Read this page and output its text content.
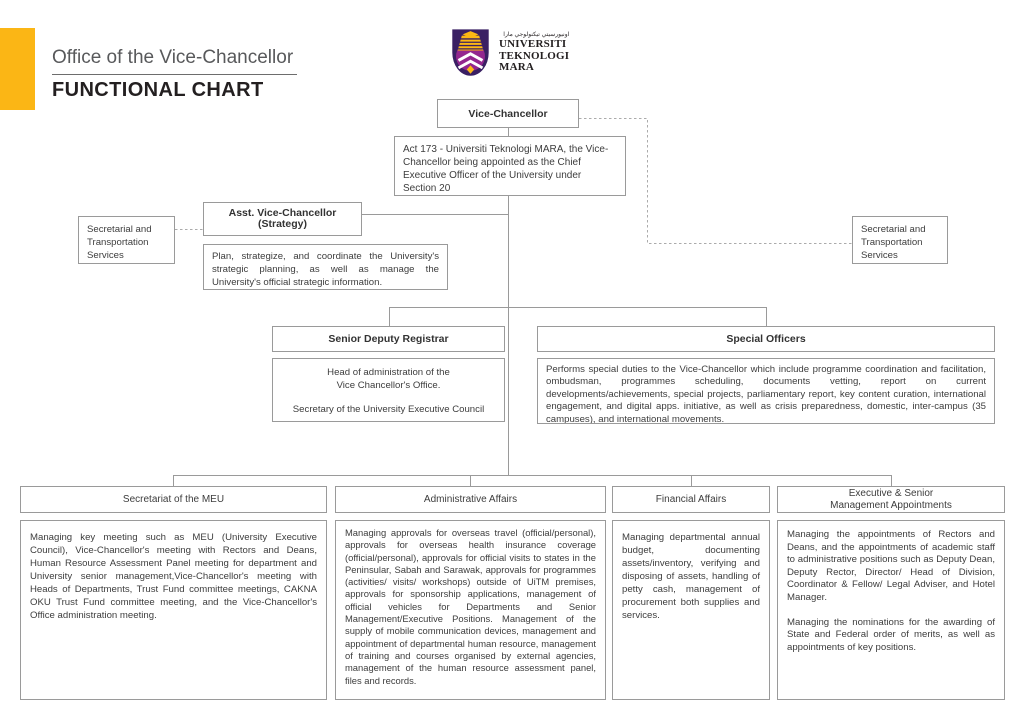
Office of the Vice-Chancellor
FUNCTIONAL CHART
اونيورسيتي تيكنولوجي مارا
UNIVERSITI
TEKNOLOGI
MARA
Vice-Chancellor
Act 173 - Universiti Teknologi MARA, the Vice-Chancellor being appointed as the Chief Executive Officer of the University under Section 20
Asst. Vice-Chancellor
(Strategy)
Plan, strategize, and coordinate the University's strategic planning, as well as manage the University's official strategic information.
Secretarial and Transportation Services
Secretarial and Transportation Services
Senior Deputy Registrar
Head of administration of the
Vice Chancellor's Office.
Secretary of the University Executive Council
Special Officers
Performs special duties to the Vice-Chancellor which include programme coordination and facilitation, ombudsman, programmes scheduling, documents vetting, report on current developments/achievements, special projects, parliamentary report, key content curation, international engagement, and digital apps. initiative, as well as crisis preparedness, domestic, inter-campus (35 campuses), and international movements.
Secretariat of the MEU	Administrative Affairs	Financial Affairs
Executive & Senior
Management Appointments
Managing key meeting such as MEU (University Executive Council), Vice-Chancellor's meeting with Rectors and Deans, Human Resource Assessment Panel meeting for department and University senior management,Vice-Chancellor's meeting with Heads of Departments, Trust Fund committee meetings, CAKNA OKU Trust Fund committee meeting, and the Vice-Chancellor's Office administration meeting.
Managing approvals for overseas travel (official/personal), approvals for overseas health insurance coverage (official/personal), approvals for official visits to states in the Peninsular, Sabah and Sarawak, approvals for programmes (activities/ visits/ workshops) outside of UiTM premises, approvals for sponsorship applications, management of official vehicles for Departments and Senior Management/Executive Positions. Management of the supply of mobile communication devices, management and appointment of departmental human resource, management of training and courses organised by external agencies, management of the human resource assessment panel, files and records.
Managing departmental annual budget, documenting assets/inventory, verifying and disposing of assets, handling of petty cash, management of procurement both supplies and services.
Managing the appointments of Rectors and Deans, and the appointments of academic staff to administrative positions such as Deputy Dean, Deputy Rector, Director/ Head of Division, Coordinator & Fellow/ Legal Adviser, and Hotel Manager.
Managing the nominations for the awarding of State and Federal order of merits, as well as appointments of key positions.
